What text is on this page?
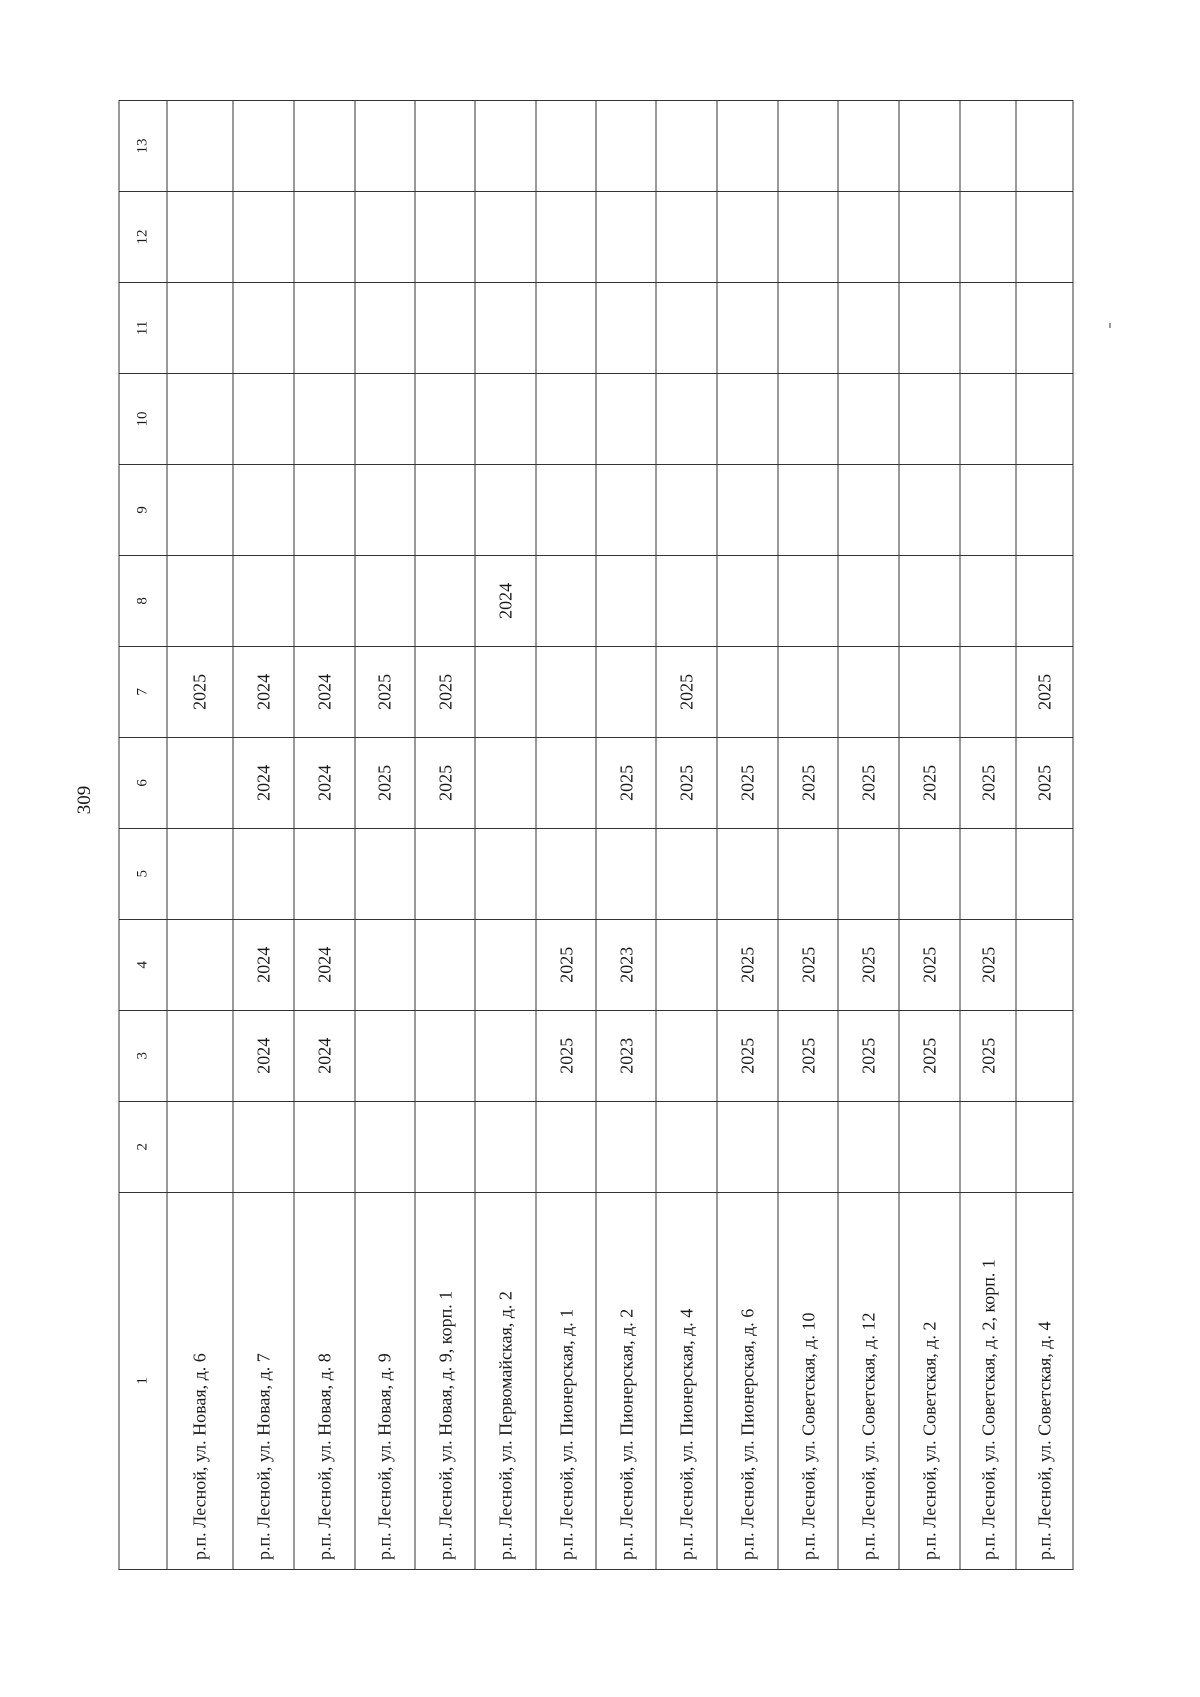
309
1	2	3	4	5	6	7	8	9	10	11	12	13
р.п. Лесной, ул. Новая, д. 6						2025						
р.п. Лесной, ул. Новая, д. 7		2024	2024		2024	2024						
р.п. Лесной, ул. Новая, д. 8		2024	2024		2024	2024						
р.п. Лесной, ул. Новая, д. 9					2025	2025						
р.п. Лесной, ул. Новая, д. 9, корп. 1					2025	2025						
р.п. Лесной, ул. Первомайская, д. 2							2024					
р.п. Лесной, ул. Пионерская, д. 1		2025	2025									
р.п. Лесной, ул. Пионерская, д. 2		2023	2023		2025							
р.п. Лесной, ул. Пионерская, д. 4					2025	2025						
р.п. Лесной, ул. Пионерская, д. 6		2025	2025		2025							
р.п. Лесной, ул. Советская, д. 10		2025	2025		2025							
р.п. Лесной, ул. Советская, д. 12		2025	2025		2025							
р.п. Лесной, ул. Советская, д. 2		2025	2025		2025							
р.п. Лесной, ул. Советская, д. 2, корп. 1		2025	2025		2025							
р.п. Лесной, ул. Советская, д. 4					2025	2025						
